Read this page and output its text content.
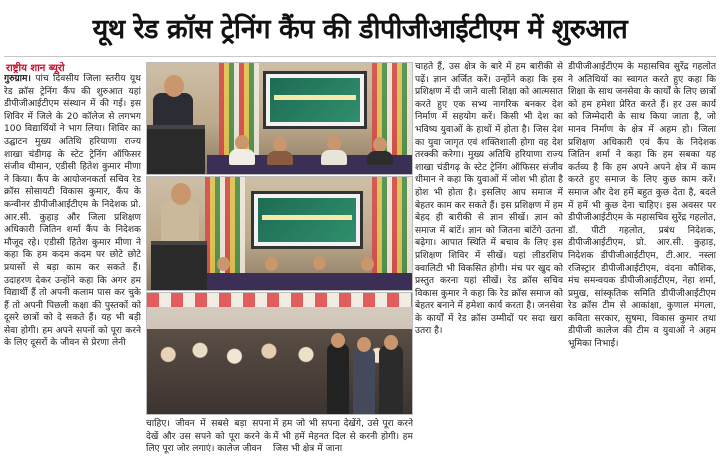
यूथ रेड क्रॉस ट्रेनिंग कैंप की डीपीजीआईटीएम में शुरुआत
राष्ट्रीय शान ब्यूरो

गुरुग्राम। पांच दिवसीय जिला स्तरीय यूथ रेड क्रॉस ट्रेनिंग कैंप की शुरुआत यहां डीपीजीआईटीएम संस्थान में की गई। इस शिविर में जिले के 20 कॉलेज से लगभग 100 विद्यार्थियों ने भाग लिया। शिविर का उद्घाटन मुख्य अतिथि हरियाणा राज्य शाखा चंडीगढ़ के स्टेट ट्रेनिंग ऑफिसर संजीव धीमान, एडीसी हितेश कुमार मीणा ने किया। कैंप के आयोजनकर्ता सचिव रेड क्रॉस सोसायटी विकास कुमार, कैंप के कन्वीनर डीपीजीआईटीएम के निदेशक प्रो. आर.सी. कुहाड़ और जिला प्रशिक्षण अधिकारी जितिन शर्मा कैंप के निदेशक मौजूद रहे। एडीसी हितेश कुमार मीणा ने कहा कि हम कदम कदम पर छोटे छोटे प्रयासों से बड़ा काम कर सकते हैं। उदाहरण देकर उन्होंने कहा कि अगर हम विद्यार्थी हैं तो अपनी कलाम पास कर चुके हैं तो अपनी पिछली कक्षा की पुस्तकों को दूसरे छात्रों को दे सकते हैं। यह भी बड़ी सेवा होगी। हम अपने सपनों को पूरा करने के लिए दूसरों के जीवन से प्रेरणा लेनी

चाहिए। जीवन में सबसे बड़ा सपना देखें और उस सपने को पूरा करने के लिए पूरा जोर लगाएं। कालेज जीवन
में हम जो भी सपना देखेंगे, उसे पूरा करने में भी हमें मेहनत दिल से करनी होगी। हम जिस भी क्षेत्र में जाना
चाहते हैं, उस क्षेत्र के बारे में हम बारीकी से पढ़ें। ज्ञान अर्जित करें। उन्होंने कहा कि इस प्रशिक्षण में दी जाने वाली शिक्षा को आत्मसात करते हुए एक सभ्य नागरिक बनकर देश निर्माण में सहयोग करें। किसी भी देश का भविष्य युवाओं के हाथों में होता है। जिस देश का युवा जागृत एवं शक्तिशाली होगा वह देश तरक्की करेगा। मुख्य अतिथि हरियाणा राज्य शाखा चंडीगढ़ के स्टेट ट्रेनिंग ऑफिसर संजीव धीमान ने कहा कि युवाओं में जोश भी होता है होश भी होता है। इसलिए आप समाज में बेहतर काम कर सकते हैं। इस प्रशिक्षण में हम बेहद ही बारीकी से ज्ञान सीखें। ज्ञान को समाज में बांटें। ज्ञान को जितना बांटेंगे उतना बढ़ेगा। आपात स्थिति में बचाव के लिए इस प्रशिक्षण शिविर में सीखें। यहां लीडरशिप क्वालिटी भी विकसित होगी। मंच पर खुद को प्रस्तुत करना यहां सीखें। रेड क्रॉस सचिव विकास कुमार ने कहा कि रेड क्रॉस समाज को बेहतर बनाने में हमेशा कार्य करता है। जनसेवा के कार्यों में रेड क्रॉस उम्मीदों पर सदा खरा उतरा है।
डीपीजीआईटीएम के महासचिव सुरेंद्र गहलोत ने अतिथियों का स्वागत करते हुए कहा कि शिक्षा के साथ जनसेवा के कार्यों के लिए छात्रों को हम हमेशा प्रेरित करते हैं। हर उस कार्य को जिम्मेदारी के साथ किया जाता है, जो मानव निर्माण के क्षेत्र में अहम हो। जिला प्रशिक्षण अधिकारी एवं कैंप के निदेशक जितिन शर्मा ने कहा कि हम सबका यह कर्तव्य है कि हम अपने अपने क्षेत्र में काम करते हुए समाज के लिए कुछ काम करें। समाज और देश हमें बहुत कुछ देता है, बदले में हमें भी कुछ देना चाहिए। इस अवसर पर डीपीजीआईटीएम के महासचिव सुरेंद्र गहलोत, डॉ. पीटी गहलोत, प्रबंध निदेशक, डीपीजीआईटीएम, प्रो. आर.सी. कुहाड़, निदेशक डीपीजीआईटीएम, टी.आर. नस्ला रजिस्ट्रार डीपीजीआईटीएम, वंदना कौशिक, मंच समन्वयक डीपीजीआईटीएम, नेहा शर्मा, प्रमुख, सांस्कृतिक समिति डीपीजीआईटीएम रेड क्रॉस टीम से आकांक्षा, कुणाल मंगला, कविता सरकार, सुषमा, विकास कुमार तथा डीपीजी कालेज की टीम व युवाओं ने अहम भूमिका निभाई।
